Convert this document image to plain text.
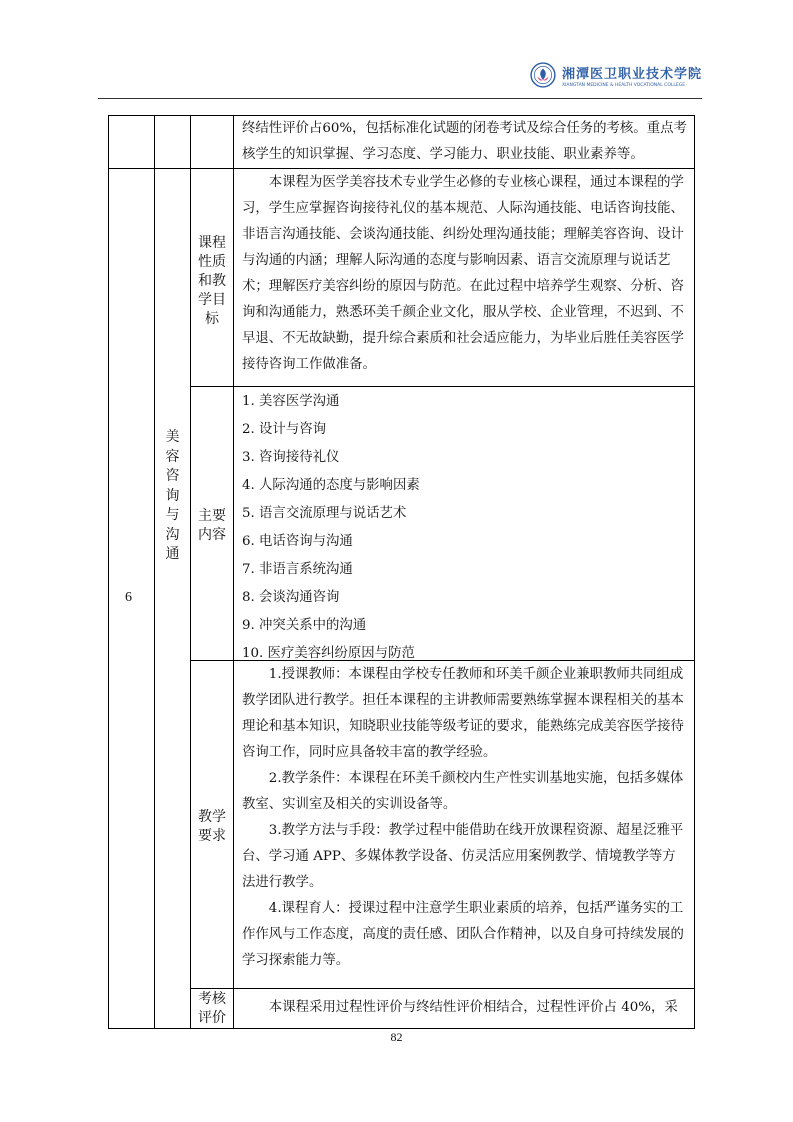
湘潭医卫职业技术学院
XIANGTAN MEDICINE & HEALTH VOCATIONAL COLLEGE
终结性评价占60%，包括标准化试题的闭卷考试及综合任务的考核。重点考核学生的知识掌握、学习态度、学习能力、职业技能、职业素养等。
6
美
容
咨
询
与
沟
通
课程
性质
和教
学目
标
本课程为医学美容技术专业学生必修的专业核心课程，通过本课程的学习，学生应掌握咨询接待礼仪的基本规范、人际沟通技能、电话咨询技能、非语言沟通技能、会谈沟通技能、纠纷处理沟通技能；理解美容咨询、设计与沟通的内涵；理解人际沟通的态度与影响因素、语言交流原理与说话艺术；理解医疗美容纠纷的原因与防范。在此过程中培养学生观察、分析、咨询和沟通能力，熟悉环美千颜企业文化，服从学校、企业管理，不迟到、不早退、不无故缺勤，提升综合素质和社会适应能力，为毕业后胜任美容医学接待咨询工作做准备。
主要
内容
1. 美容医学沟通
2. 设计与咨询
3. 咨询接待礼仪
4. 人际沟通的态度与影响因素
5. 语言交流原理与说话艺术
6. 电话咨询与沟通
7. 非语言系统沟通
8. 会谈沟通咨询
9. 冲突关系中的沟通
10. 医疗美容纠纷原因与防范
教学
要求
1.授课教师：本课程由学校专任教师和环美千颜企业兼职教师共同组成教学团队进行教学。担任本课程的主讲教师需要熟练掌握本课程相关的基本理论和基本知识，知晓职业技能等级考证的要求，能熟练完成美容医学接待咨询工作，同时应具备较丰富的教学经验。
2.教学条件：本课程在环美千颜校内生产性实训基地实施，包括多媒体教室、实训室及相关的实训设备等。
3.教学方法与手段：教学过程中能借助在线开放课程资源、超星泛雅平台、学习通 APP、多媒体教学设备、仿灵活应用案例教学、情境教学等方法进行教学。
4.课程育人：授课过程中注意学生职业素质的培养，包括严谨务实的工作作风与工作态度，高度的责任感、团队合作精神，以及自身可持续发展的学习探索能力等。
考核
评价
本课程采用过程性评价与终结性评价相结合，过程性评价占 40%，采
82
